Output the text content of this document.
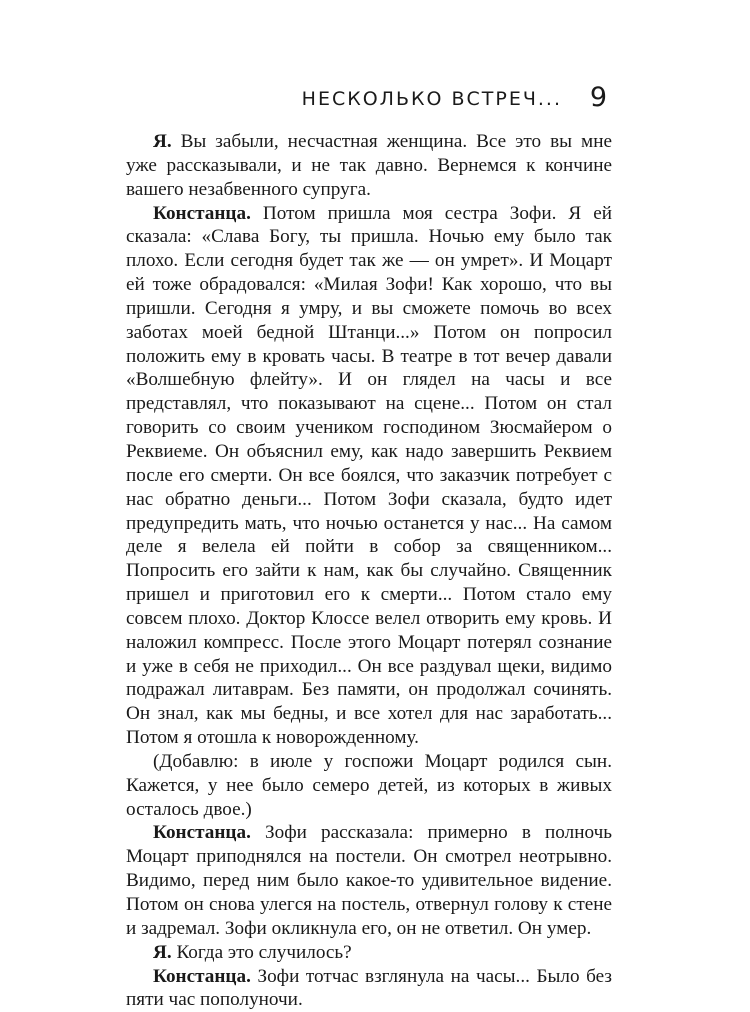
НЕСКОЛЬКО ВСТРЕЧ... 9

Я. Вы забыли, несчастная женщина. Все это вы мне уже рассказывали, и не так давно. Вернемся к кончине вашего незабвенного супруга.

Констанца. Потом пришла моя сестра Зофи. Я ей сказала: «Слава Богу, ты пришла. Ночью ему было так плохо. Если сегодня будет так же — он умрет». И Моцарт ей тоже обрадовался: «Милая Зофи! Как хорошо, что вы пришли. Сегодня я умру, и вы сможете помочь во всех заботах моей бедной Штанци...» Потом он попросил положить ему в кровать часы. В театре в тот вечер давали «Волшебную флейту». И он глядел на часы и все представлял, что показывают на сцене... Потом он стал говорить со своим учеником господином Зюсмайером о Реквиеме. Он объяснил ему, как надо завершить Реквием после его смерти. Он все боялся, что заказчик потребует с нас обратно деньги... Потом Зофи сказала, будто идет предупредить мать, что ночью останется у нас... На самом деле я велела ей пойти в собор за священником... Попросить его зайти к нам, как бы случайно. Священник пришел и приготовил его к смерти... Потом стало ему совсем плохо. Доктор Клоссе велел отворить ему кровь. И наложил компресс. После этого Моцарт потерял сознание и уже в себя не приходил... Он все раздувал щеки, видимо подражал литаврам. Без памяти, он продолжал сочинять. Он знал, как мы бедны, и все хотел для нас заработать... Потом я отошла к новорожденному.

(Добавлю: в июле у госпожи Моцарт родился сын. Кажется, у нее было семеро детей, из которых в живых осталось двое.)

Констанца. Зофи рассказала: примерно в полночь Моцарт приподнялся на постели. Он смотрел неотрывно. Видимо, перед ним было какое-то удивительное видение. Потом он снова улегся на постель, отвернул голову к стене и задремал. Зофи окликнула его, он не ответил. Он умер.

Я. Когда это случилось?

Констанца. Зофи тотчас взглянула на часы... Было без пяти час пополуночи.
